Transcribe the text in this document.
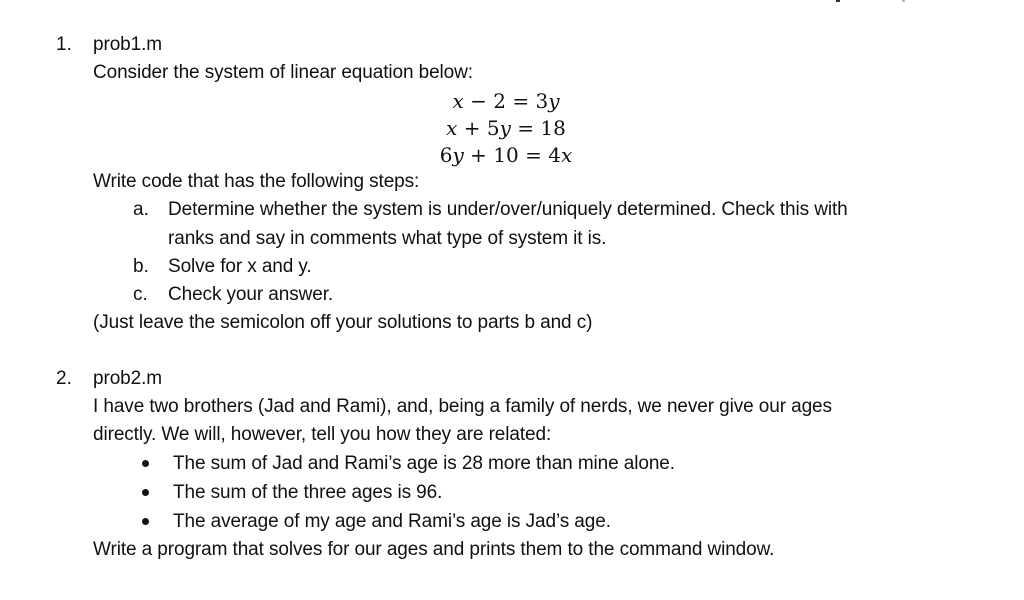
1. prob1.m
Consider the system of linear equation below:
x − 2 = 3y
x + 5y = 18
6y + 10 = 4x
Write code that has the following steps:
a. Determine whether the system is under/over/uniquely determined. Check this with
ranks and say in comments what type of system it is.
b. Solve for x and y.
c. Check your answer.
(Just leave the semicolon off your solutions to parts b and c)
2. prob2.m
I have two brothers (Jad and Rami), and, being a family of nerds, we never give our ages
directly. We will, however, tell you how they are related:
The sum of Jad and Rami’s age is 28 more than mine alone.
The sum of the three ages is 96.
The average of my age and Rami’s age is Jad’s age.
Write a program that solves for our ages and prints them to the command window.
